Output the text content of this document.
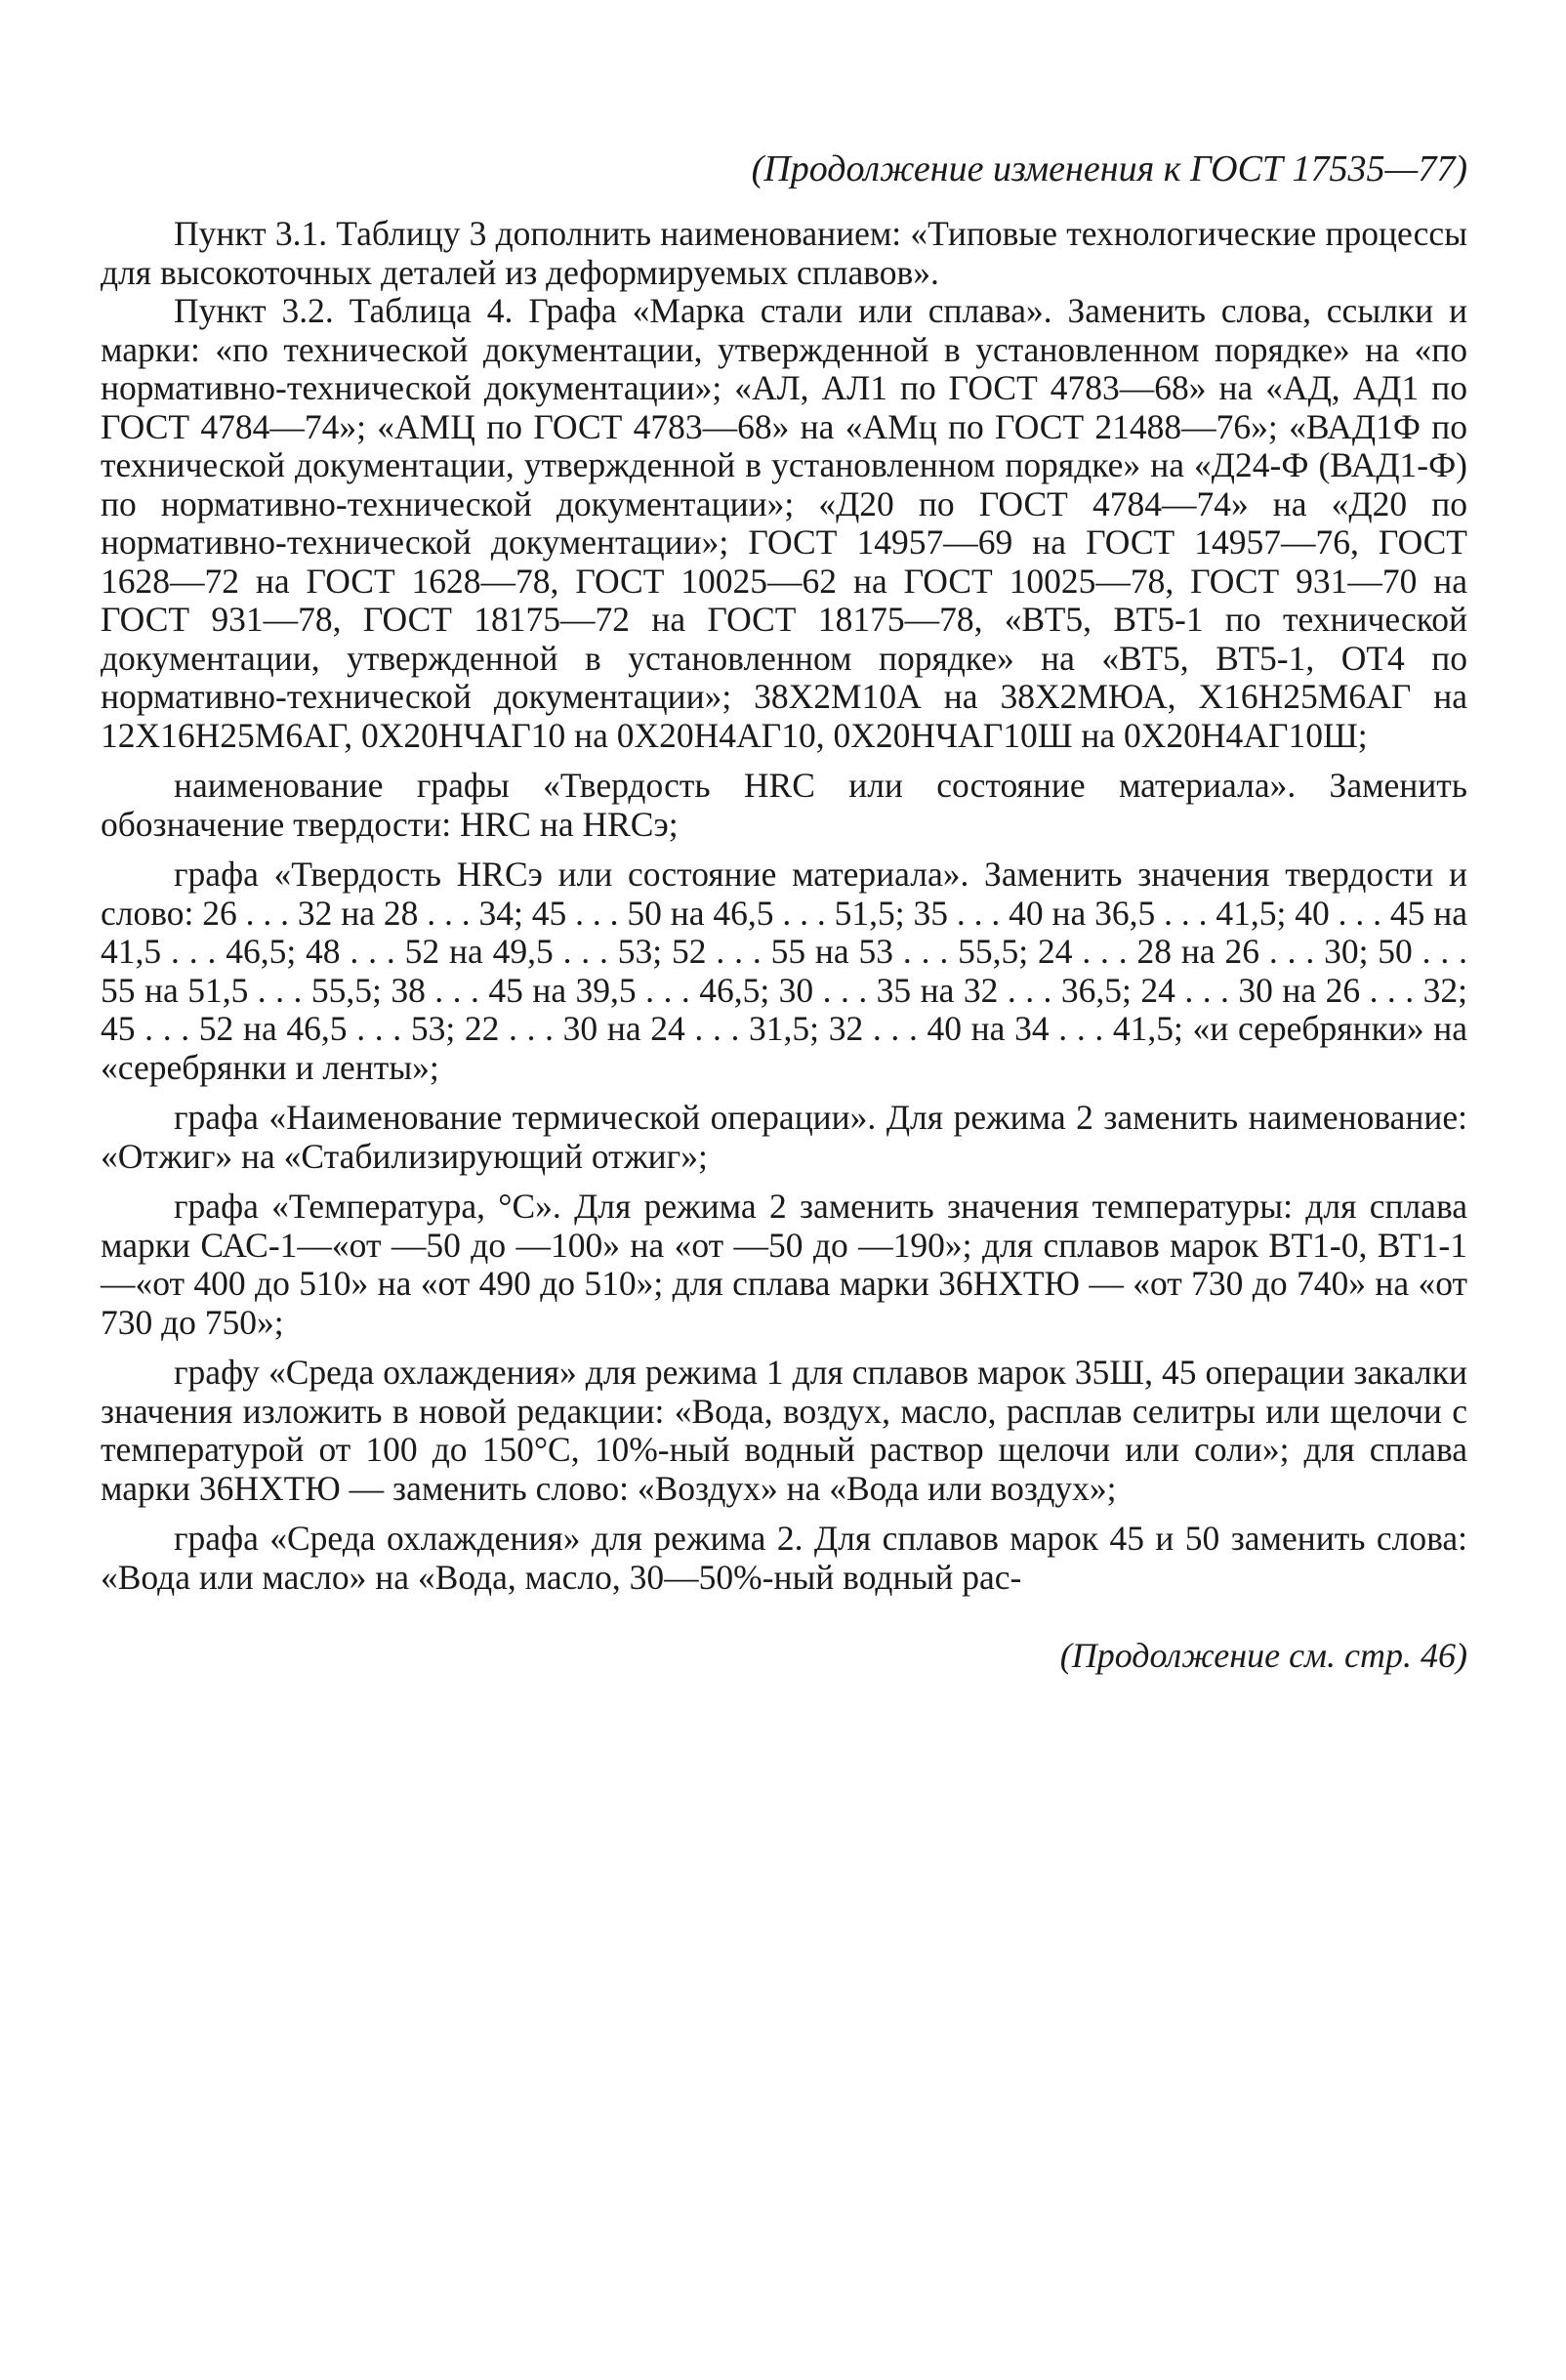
(Продолжение изменения к ГОСТ 17535—77)

Пункт 3.1. Таблицу 3 дополнить наименованием: «Типовые технологические процессы для высокоточных деталей из деформируемых сплавов».

Пункт 3.2. Таблица 4. Графа «Марка стали или сплава». Заменить слова, ссылки и марки: «по технической документации, утвержденной в установленном порядке» на «по нормативно-технической документации»; «АЛ, АЛ1 по ГОСТ 4783—68» на «АД, АД1 по ГОСТ 4784—74»; «АМЦ по ГОСТ 4783—68» на «АМц по ГОСТ 21488—76»; «ВАД1Ф по технической документации, утвержденной в установленном порядке» на «Д24-Ф (ВАД1-Ф) по нормативно-технической документации»; «Д20 по ГОСТ 4784—74» на «Д20 по нормативно-технической документации»; ГОСТ 14957—69 на ГОСТ 14957—76, ГОСТ 1628—72 на ГОСТ 1628—78, ГОСТ 10025—62 на ГОСТ 10025—78, ГОСТ 931—70 на ГОСТ 931—78, ГОСТ 18175—72 на ГОСТ 18175—78, «ВТ5, ВТ5-1 по технической документации, утвержденной в установленном порядке» на «ВТ5, ВТ5-1, ОТ4 по нормативно-технической документации»; 38Х2М10А на 38Х2МЮА, Х16Н25М6АГ на 12Х16Н25М6АГ, 0Х20НЧАГ10 на 0Х20Н4АГ10, 0Х20НЧАГ10Ш на 0Х20Н4АГ10Ш;

наименование графы «Твердость HRC или состояние материала». Заменить обозначение твердости: HRC на HRCэ;

графа «Твердость HRCэ или состояние материала». Заменить значения твердости и слово: 26 . . . 32 на 28 . . . 34; 45 . . . 50 на 46,5 . . . 51,5; 35 . . . 40 на 36,5 . . . 41,5; 40 . . . 45 на 41,5 . . . 46,5; 48 . . . 52 на 49,5 . . . 53; 52 . . . 55 на 53 . . . 55,5; 24 . . . 28 на 26 . . . 30; 50 . . . 55 на 51,5 . . . 55,5; 38 . . . 45 на 39,5 . . . 46,5; 30 . . . 35 на 32 . . . 36,5; 24 . . . 30 на 26 . . . 32; 45 . . . 52 на 46,5 . . . 53; 22 . . . 30 на 24 . . . 31,5; 32 . . . 40 на 34 . . . 41,5; «и серебрянки» на «серебрянки и ленты»;

графа «Наименование термической операции». Для режима 2 заменить наименование: «Отжиг» на «Стабилизирующий отжиг»;

графа «Температура, °С». Для режима 2 заменить значения температуры: для сплава марки САС-1—«от —50 до —100» на «от —50 до —190»; для сплавов марок ВТ1-0, ВТ1-1—«от 400 до 510» на «от 490 до 510»; для сплава марки 36НХТЮ — «от 730 до 740» на «от 730 до 750»;

графу «Среда охлаждения» для режима 1 для сплавов марок 35Ш, 45 операции закалки значения изложить в новой редакции: «Вода, воздух, масло, расплав селитры или щелочи с температурой от 100 до 150°С, 10%-ный водный раствор щелочи или соли»; для сплава марки 36НХТЮ — заменить слово: «Воздух» на «Вода или воздух»;

графа «Среда охлаждения» для режима 2. Для сплавов марок 45 и 50 заменить слова: «Вода или масло» на «Вода, масло, 30—50%-ный водный рас-

(Продолжение см. стр. 46)
